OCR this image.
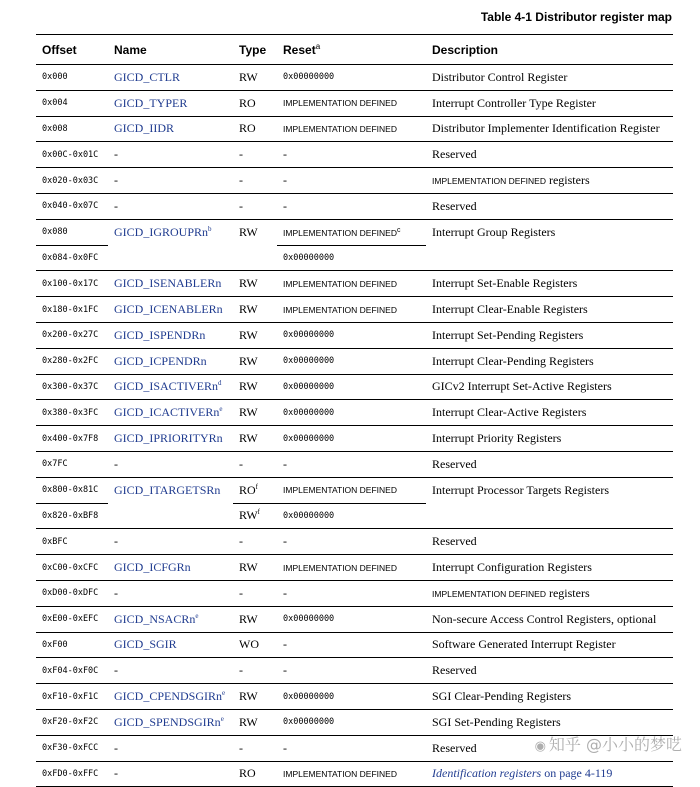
Table 4-1 Distributor register map
Offset	Name	Type	Reset$^a$	Description
0x000	GICD_CTLR	RW	0x00000000	Distributor Control Register
0x004	GICD_TYPER	RO	IMPLEMENTATION DEFINED	Interrupt Controller Type Register
0x008	GICD_IIDR	RO	IMPLEMENTATION DEFINED	Distributor Implementer Identification Register
0x00C-0x01C	-	-	-	Reserved
0x020-0x03C	-	-	-	IMPLEMENTATION DEFINED registers
0x040-0x07C	-	-	-	Reserved
0x080	GICD_IGROUPRn$^b$	RW	IMPLEMENTATION DEFINED$^c$	Interrupt Group Registers
0x084-0x0FC			0x00000000	
0x100-0x17C	GICD_ISENABLERn	RW	IMPLEMENTATION DEFINED	Interrupt Set-Enable Registers
0x180-0x1FC	GICD_ICENABLERn	RW	IMPLEMENTATION DEFINED	Interrupt Clear-Enable Registers
0x200-0x27C	GICD_ISPENDRn	RW	0x00000000	Interrupt Set-Pending Registers
0x280-0x2FC	GICD_ICPENDRn	RW	0x00000000	Interrupt Clear-Pending Registers
0x300-0x37C	GICD_ISACTIVERn$^d$	RW	0x00000000	GICv2 Interrupt Set-Active Registers
0x380-0x3FC	GICD_ICACTIVERn$^e$	RW	0x00000000	Interrupt Clear-Active Registers
0x400-0x7F8	GICD_IPRIORITYRn	RW	0x00000000	Interrupt Priority Registers
0x7FC	-	-	-	Reserved
0x800-0x81C	GICD_ITARGETSRn	$RO^f$	IMPLEMENTATION DEFINED	Interrupt Processor Targets Registers
0x820-0xBF8		$RW^f$	0x00000000	
0xBFC	-	-	-	Reserved
0xC00-0xCFC	GICD_ICFGRn	RW	IMPLEMENTATION DEFINED	Interrupt Configuration Registers
0xD00-0xDFC	-	-	-	IMPLEMENTATION DEFINED registers
0xE00-0xEFC	GICD_NSACRn$^e$	RW	0x00000000	Non-secure Access Control Registers, optional
0xF00	GICD_SGIR	WO	-	Software Generated Interrupt Register
0xF04-0xF0C	-	-	-	Reserved
0xF10-0xF1C	GICD_CPENDSGIRn$^e$	RW	0x00000000	SGI Clear-Pending Registers
0xF20-0xF2C	GICD_SPENDSGIRn$^e$	RW	0x00000000	SGI Set-Pending Registers
0xF30-0xFCC	-	-	-	Reserved
0xFD0-0xFFC	-	RO	IMPLEMENTATION DEFINED	Identification registers on page 4-119
◉ 知乎 @小小的梦呓
